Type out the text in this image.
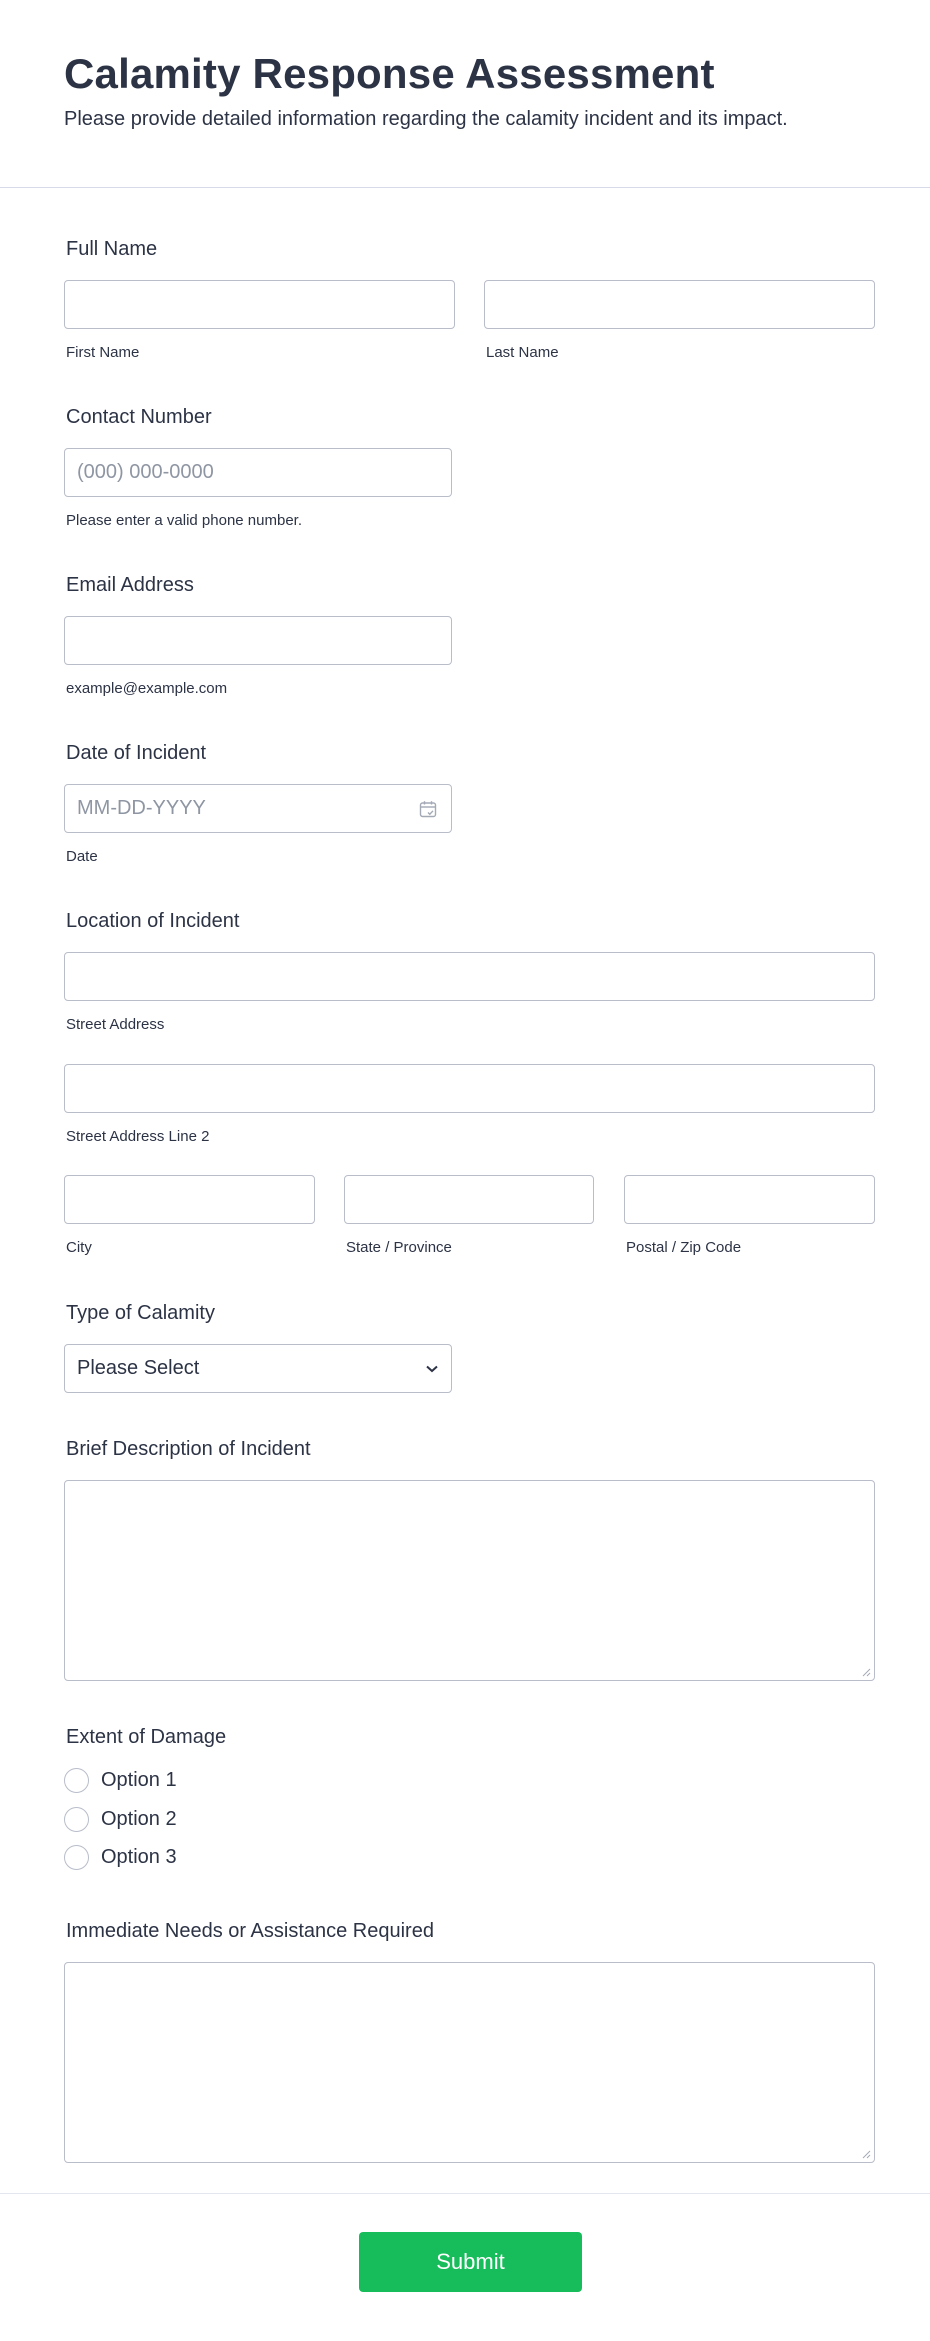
Calamity Response Assessment

Please provide detailed information regarding the calamity incident and its impact.

Full Name
First Name	Last Name
Contact Number
(000) 000-0000
Please enter a valid phone number.
Email Address
example@example.com
Date of Incident
MM-DD-YYYY
Date
Location of Incident
Street Address
Street Address Line 2
City	State / Province	Postal / Zip Code
Type of Calamity
Please Select
Brief Description of Incident
Extent of Damage
Option 1
Option 2
Option 3
Immediate Needs or Assistance Required
Submit
